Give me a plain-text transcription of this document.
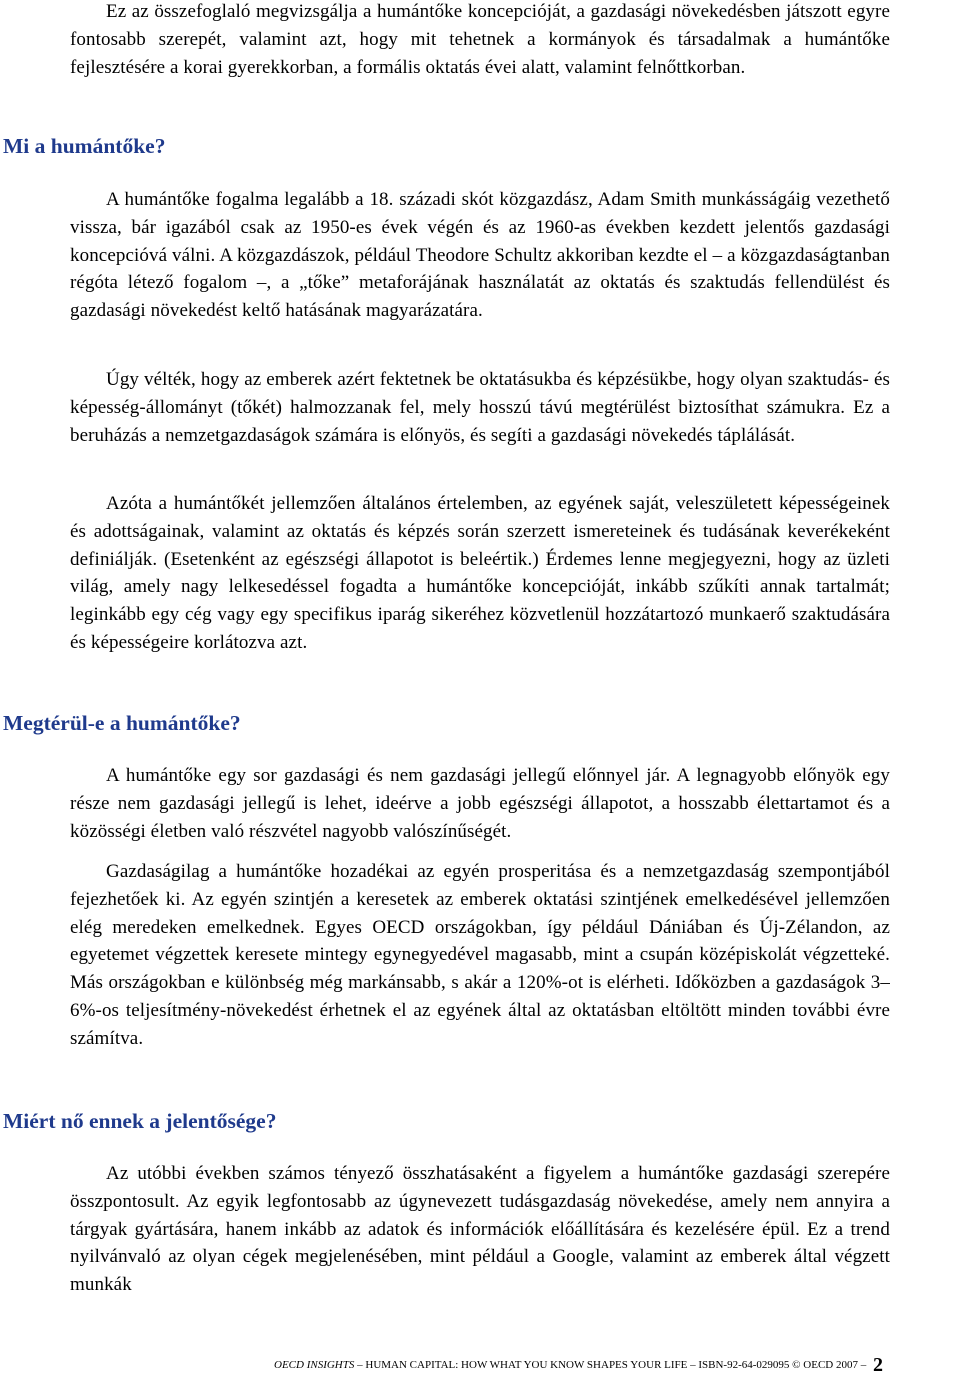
Ez az összefoglaló megvizsgálja a humántőke koncepcióját, a gazdasági növekedésben játszott egyre fontosabb szerepét, valamint azt, hogy mit tehetnek a kormányok és társadalmak a humántőke fejlesztésére a korai gyerekkorban, a formális oktatás évei alatt, valamint felnőttkorban.

Mi a humántőke?

A humántőke fogalma legalább a 18. századi skót közgazdász, Adam Smith munkásságáig vezethető vissza, bár igazából csak az 1950-es évek végén és az 1960-as években kezdett jelentős gazdasági koncepcióvá válni. A közgazdászok, például Theodore Schultz akkoriban kezdte el – a közgazdaságtanban régóta létező fogalom –, a „tőke” metaforájának használatát az oktatás és szaktudás fellendülést és gazdasági növekedést keltő hatásának magyarázatára.

Úgy vélték, hogy az emberek azért fektetnek be oktatásukba és képzésükbe, hogy olyan szaktudás- és képesség-állományt (tőkét) halmozzanak fel, mely hosszú távú megtérülést biztosíthat számukra. Ez a beruházás a nemzetgazdaságok számára is előnyös, és segíti a gazdasági növekedés táplálását.

Azóta a humántőkét jellemzően általános értelemben, az egyének saját, veleszületett képességeinek és adottságainak, valamint az oktatás és képzés során szerzett ismereteinek és tudásának keverékeként definiálják. (Esetenként az egészségi állapotot is beleértik.) Érdemes lenne megjegyezni, hogy az üzleti világ, amely nagy lelkesedéssel fogadta a humántőke koncepcióját, inkább szűkíti annak tartalmát; leginkább egy cég vagy egy specifikus iparág sikeréhez közvetlenül hozzátartozó munkaerő szaktudására és képességeire korlátozva azt.

Megtérül-e a humántőke?

A humántőke egy sor gazdasági és nem gazdasági jellegű előnnyel jár. A legnagyobb előnyök egy része nem gazdasági jellegű is lehet, ideérve a jobb egészségi állapotot, a hosszabb élettartamot és a közösségi életben való részvétel nagyobb valószínűségét.

Gazdaságilag a humántőke hozadékai az egyén prosperitása és a nemzetgazdaság szempontjából fejezhetőek ki. Az egyén szintjén a keresetek az emberek oktatási szintjének emelkedésével jellemzően elég meredeken emelkednek. Egyes OECD országokban, így például Dániában és Új-Zélandon, az egyetemet végzettek keresete mintegy egynegyedével magasabb, mint a csupán középiskolát végzetteké. Más országokban e különbség még markánsabb, s akár a 120%-ot is elérheti. Időközben a gazdaságok 3–6%-os teljesítmény-növekedést érhetnek el az egyének által az oktatásban eltöltött minden további évre számítva.

Miért nő ennek a jelentősége?

Az utóbbi években számos tényező összhatásaként a figyelem a humántőke gazdasági szerepére összpontosult. Az egyik legfontosabb az úgynevezett tudásgazdaság növekedése, amely nem annyira a tárgyak gyártására, hanem inkább az adatok és információk előállítására és kezelésére épül. Ez a trend nyilvánvaló az olyan cégek megjelenésében, mint például a Google, valamint az emberek által végzett munkák

OECD INSIGHTS – HUMAN CAPITAL: HOW WHAT YOU KNOW SHAPES YOUR LIFE – ISBN-92-64-029095 © OECD 2007 – 2
